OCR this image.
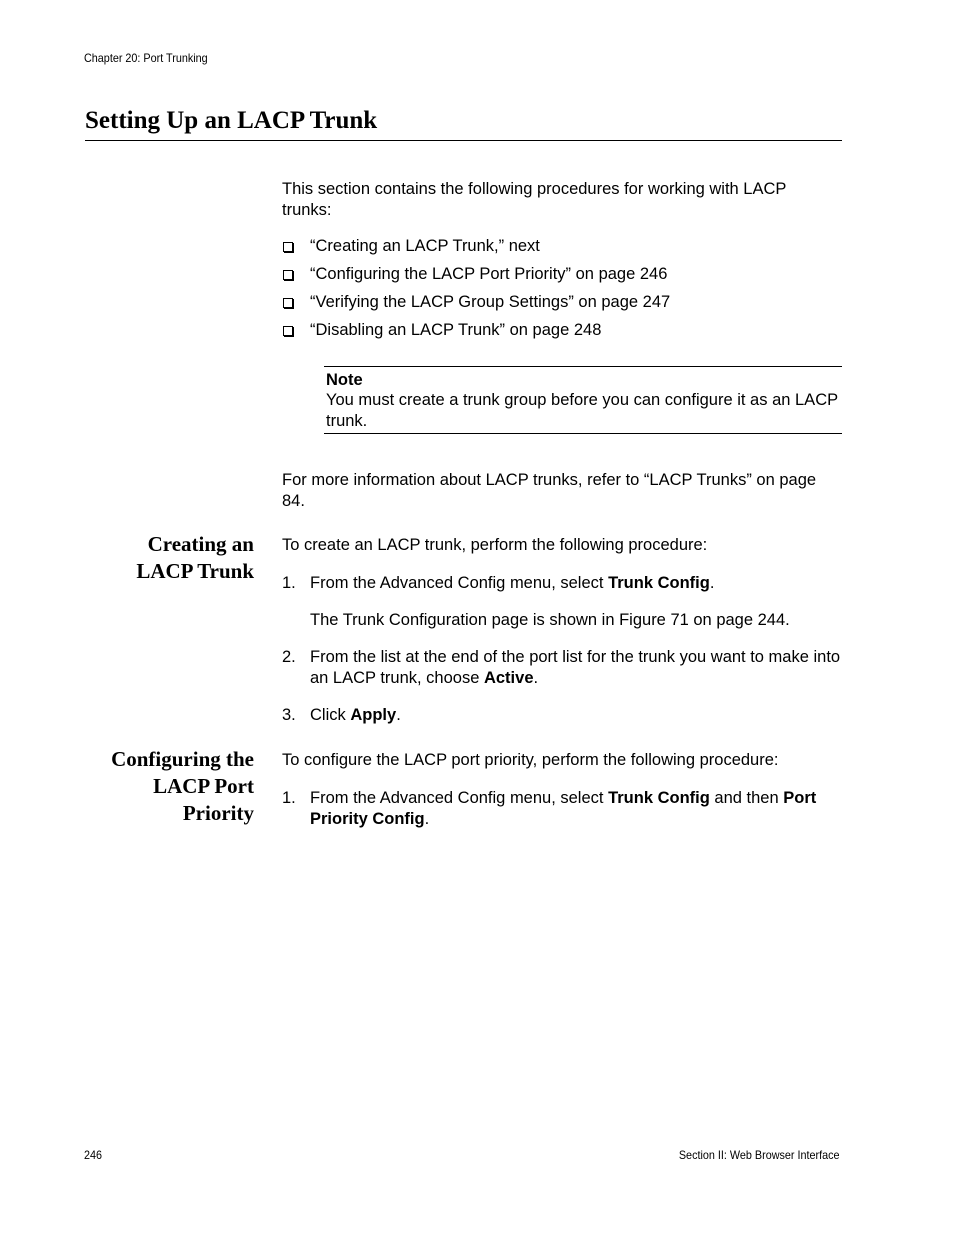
Chapter 20: Port Trunking
Setting Up an LACP Trunk
This section contains the following procedures for working with LACP trunks:
“Creating an LACP Trunk,” next
“Configuring the LACP Port Priority” on page 246
“Verifying the LACP Group Settings” on page 247
“Disabling an LACP Trunk” on page 248
Note
You must create a trunk group before you can configure it as an LACP trunk.
For more information about LACP trunks, refer to “LACP Trunks” on page 84.
Creating an
LACP Trunk
To create an LACP trunk, perform the following procedure:
1. From the Advanced Config menu, select Trunk Config.
The Trunk Configuration page is shown in Figure 71 on page 244.
2. From the list at the end of the port list for the trunk you want to make into an LACP trunk, choose Active.
3. Click Apply.
Configuring the
LACP Port
Priority
To configure the LACP port priority, perform the following procedure:
1. From the Advanced Config menu, select Trunk Config and then Port Priority Config.
246	Section II: Web Browser Interface
